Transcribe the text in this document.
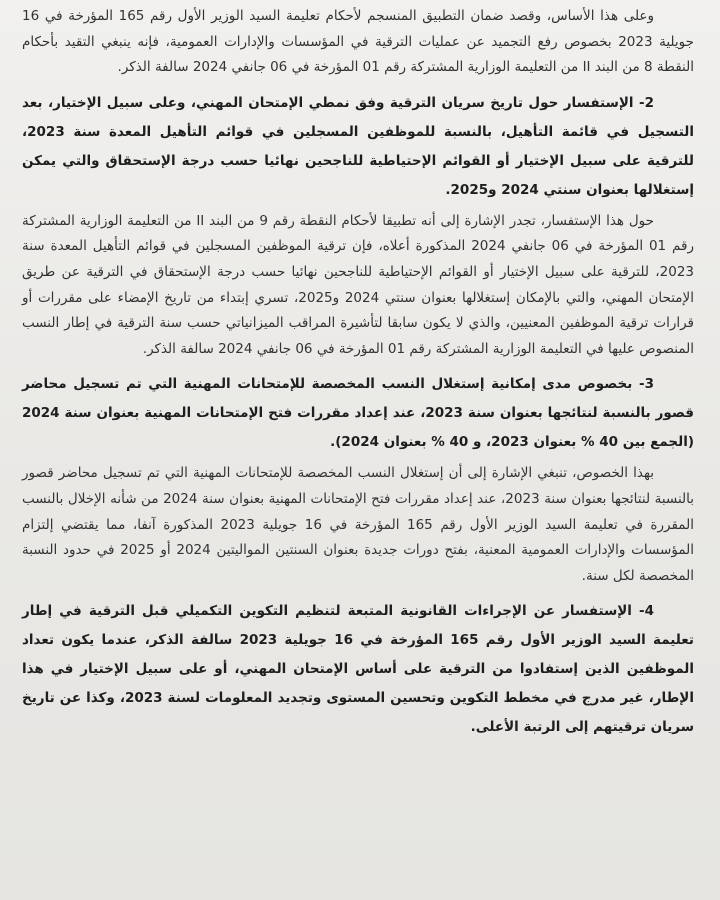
وعلى هذا الأساس، وقصد ضمان التطبيق المنسجم لأحكام تعليمة السيد الوزير الأول رقم 165 المؤرخة في 16 جويلية 2023 بخصوص رفع التجميد عن عمليات الترقية في المؤسسات والإدارات العمومية، فإنه ينبغي التقيد بأحكام النقطة 8 من البند II من التعليمة الوزارية المشتركة رقم 01 المؤرخة في 06 جانفي 2024 سالفة الذكر.

2- الإستفسار حول تاريخ سريان الترقية وفق نمطي الإمتحان المهني، وعلى سبيل الإختيار، بعد التسجيل في قائمة التأهيل، بالنسبة للموظفين المسجلين في قوائم التأهيل المعدة سنة 2023، للترقية على سبيل الإختيار أو القوائم الإحتياطية للناجحين نهائيا حسب درجة الإستحقاق والتي يمكن إستغلالها بعنوان سنتي 2024 و2025.

حول هذا الإستفسار، تجدر الإشارة إلى أنه تطبيقا لأحكام النقطة رقم 9 من البند II من التعليمة الوزارية المشتركة رقم 01 المؤرخة في 06 جانفي 2024 المذكورة أعلاه، فإن ترقية الموظفين المسجلين في قوائم التأهيل المعدة سنة 2023، للترقية على سبيل الإختيار أو القوائم الإحتياطية للناجحين نهائيا حسب درجة الإستحقاق في الترقية عن طريق الإمتحان المهني، والتي بالإمكان إستغلالها بعنوان سنتي 2024 و2025، تسري إبتداء من تاريخ الإمضاء على مقررات أو قرارات ترقية الموظفين المعنيين، والذي لا يكون سابقا لتأشيرة المراقب الميزانياتي حسب سنة الترقية في إطار النسب المنصوص عليها في التعليمة الوزارية المشتركة رقم 01 المؤرخة في 06 جانفي 2024 سالفة الذكر.

3- بخصوص مدى إمكانية إستغلال النسب المخصصة للإمتحانات المهنية التي تم تسجيل محاضر قصور بالنسبة لنتائجها بعنوان سنة 2023، عند إعداد مقررات فتح الإمتحانات المهنية بعنوان سنة 2024 (الجمع بين 40 % بعنوان 2023، و 40 % بعنوان 2024).

بهذا الخصوص، تنبغي الإشارة إلى أن إستغلال النسب المخصصة للإمتحانات المهنية التي تم تسجيل محاضر قصور بالنسبة لنتائجها بعنوان سنة 2023، عند إعداد مقررات فتح الإمتحانات المهنية بعنوان سنة 2024 من شأنه الإخلال بالنسب المقررة في تعليمة السيد الوزير الأول رقم 165 المؤرخة في 16 جويلية 2023 المذكورة آنفا، مما يقتضي إلتزام المؤسسات والإدارات العمومية المعنية، بفتح دورات جديدة بعنوان السنتين المواليتين 2024 أو 2025 في حدود النسبة المخصصة لكل سنة.

4- الإستفسار عن الإجراءات القانونية المتبعة لتنظيم التكوين التكميلي قبل الترقية في إطار تعليمة السيد الوزير الأول رقم 165 المؤرخة في 16 جويلية 2023 سالفة الذكر، عندما يكون تعداد الموظفين الذين إستفادوا من الترقية على أساس الإمتحان المهني، أو على سبيل الإختيار في هذا الإطار، غير مدرج في مخطط التكوين وتحسين المستوى وتجديد المعلومات لسنة 2023، وكذا عن تاريخ سريان ترقيتهم إلى الرتبة الأعلى.
